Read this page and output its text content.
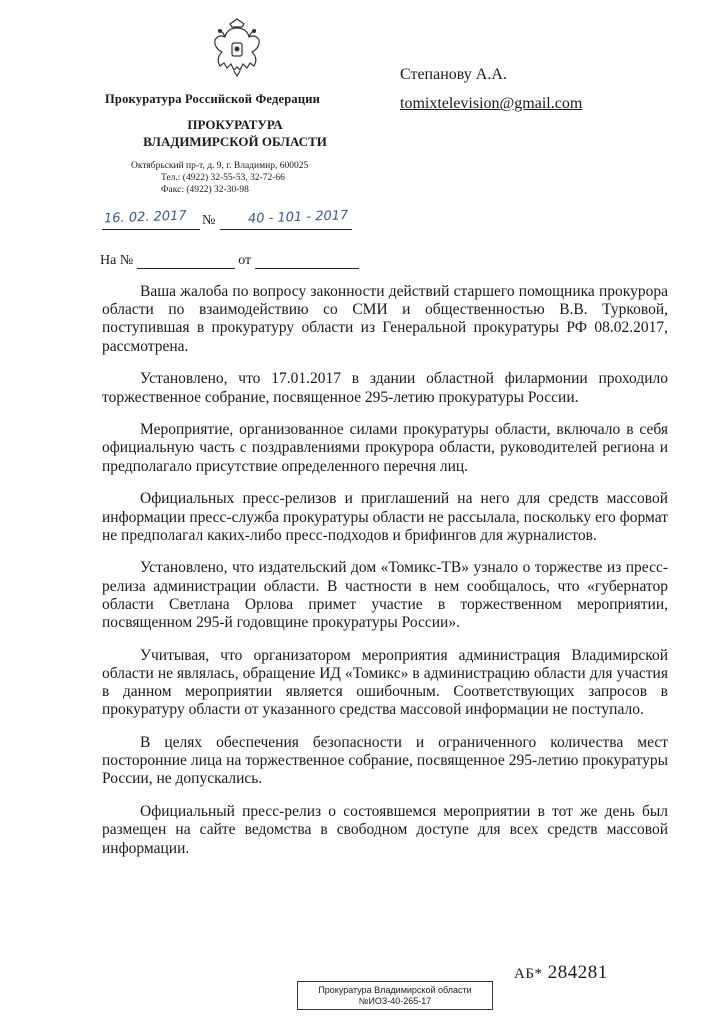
Прокуратура Российской Федерации
ПРОКУРАТУРА
ВЛАДИМИРСКОЙ ОБЛАСТИ
Октябрьский пр-т, д. 9, г. Владимир, 600025
Тел.: (4922) 32-55-53, 32-72-66
Факс: (4922) 32-30-98
Степанову А.А.
tomixtelevision@gmail.com
16. 02. 2017 № 40 - 101 - 2017
На №	от

Ваша жалоба по вопросу законности действий старшего помощника прокурора области по взаимодействию со СМИ и общественностью В.В. Турковой, поступившая в прокуратуру области из Генеральной прокуратуры РФ 08.02.2017, рассмотрена.

Установлено, что 17.01.2017 в здании областной филармонии проходило торжественное собрание, посвященное 295-летию прокуратуры России.

Мероприятие, организованное силами прокуратуры области, включало в себя официальную часть с поздравлениями прокурора области, руководителей региона и предполагало присутствие определенного перечня лиц.

Официальных пресс-релизов и приглашений на него для средств массовой информации пресс-служба прокуратуры области не рассылала, поскольку его формат не предполагал каких-либо пресс-подходов и брифингов для журналистов.

Установлено, что издательский дом «Томикс-ТВ» узнало о торжестве из пресс-релиза администрации области. В частности в нем сообщалось, что «губернатор области Светлана Орлова примет участие в торжественном мероприятии, посвященном 295-й годовщине прокуратуры России».

Учитывая, что организатором мероприятия администрация Владимирской области не являлась, обращение ИД «Томикс» в администрацию области для участия в данном мероприятии является ошибочным. Соответствующих запросов в прокуратуру области от указанного средства массовой информации не поступало.

В целях обеспечения безопасности и ограниченного количества мест посторонние лица на торжественное собрание, посвященное 295-летию прокуратуры России, не допускались.

Официальный пресс-релиз о состоявшемся мероприятии в тот же день был размещен на сайте ведомства в свободном доступе для всех средств массовой информации.

АБ* 284281
Прокуратура Владимирской области
№ИОЗ-40-265-17
